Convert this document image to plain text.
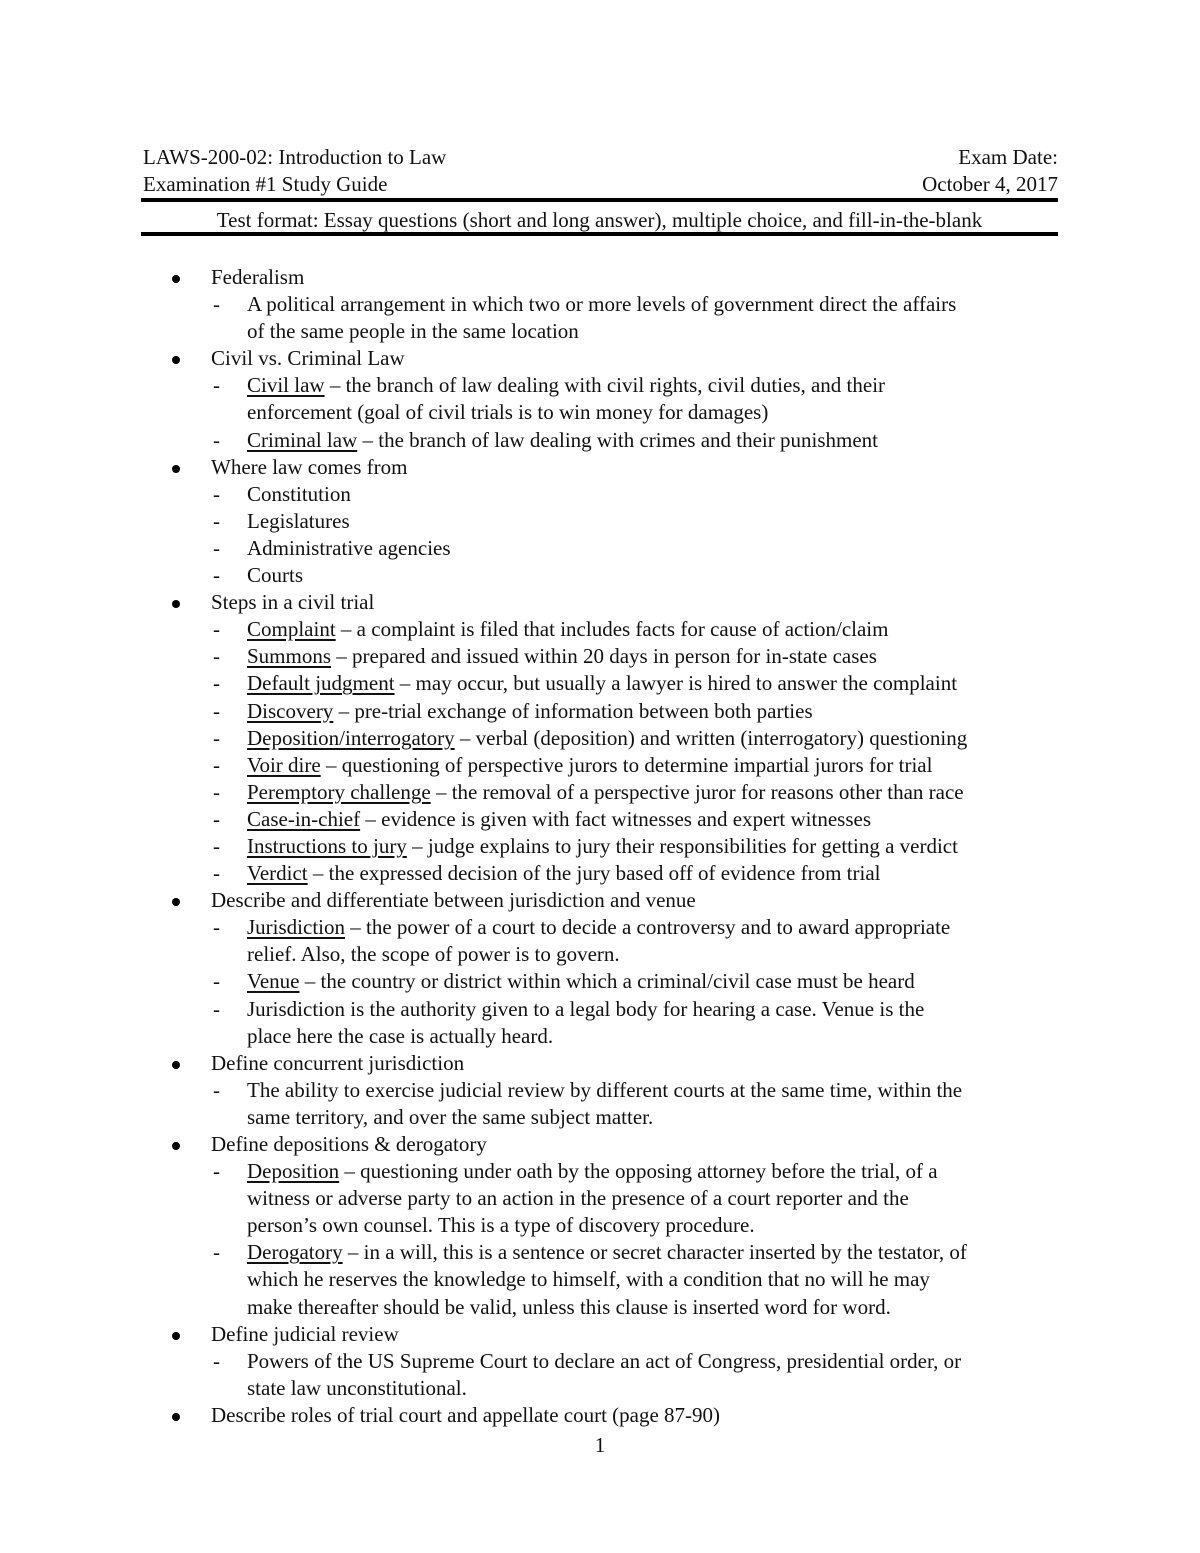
LAWS-200-02: Introduction to Law	Exam Date:
Examination #1 Study Guide	October 4, 2017
Test format: Essay questions (short and long answer), multiple choice, and fill-in-the-blank
Federalism
- A political arrangement in which two or more levels of government direct the affairs
of the same people in the same location
Civil vs. Criminal Law
- Civil law – the branch of law dealing with civil rights, civil duties, and their
enforcement (goal of civil trials is to win money for damages)
- Criminal law – the branch of law dealing with crimes and their punishment
Where law comes from
- Constitution
- Legislatures
- Administrative agencies
- Courts
Steps in a civil trial
- Complaint – a complaint is filed that includes facts for cause of action/claim
- Summons – prepared and issued within 20 days in person for in-state cases
- Default judgment – may occur, but usually a lawyer is hired to answer the complaint
- Discovery – pre-trial exchange of information between both parties
- Deposition/interrogatory – verbal (deposition) and written (interrogatory) questioning
- Voir dire – questioning of perspective jurors to determine impartial jurors for trial
- Peremptory challenge – the removal of a perspective juror for reasons other than race
- Case-in-chief – evidence is given with fact witnesses and expert witnesses
- Instructions to jury – judge explains to jury their responsibilities for getting a verdict
- Verdict – the expressed decision of the jury based off of evidence from trial
Describe and differentiate between jurisdiction and venue
- Jurisdiction – the power of a court to decide a controversy and to award appropriate
relief. Also, the scope of power is to govern.
- Venue – the country or district within which a criminal/civil case must be heard
- Jurisdiction is the authority given to a legal body for hearing a case. Venue is the
place here the case is actually heard.
Define concurrent jurisdiction
- The ability to exercise judicial review by different courts at the same time, within the
same territory, and over the same subject matter.
Define depositions & derogatory
- Deposition – questioning under oath by the opposing attorney before the trial, of a
witness or adverse party to an action in the presence of a court reporter and the
person’s own counsel. This is a type of discovery procedure.
- Derogatory – in a will, this is a sentence or secret character inserted by the testator, of
which he reserves the knowledge to himself, with a condition that no will he may
make thereafter should be valid, unless this clause is inserted word for word.
Define judicial review
- Powers of the US Supreme Court to declare an act of Congress, presidential order, or
state law unconstitutional.
Describe roles of trial court and appellate court (page 87-90)
1
